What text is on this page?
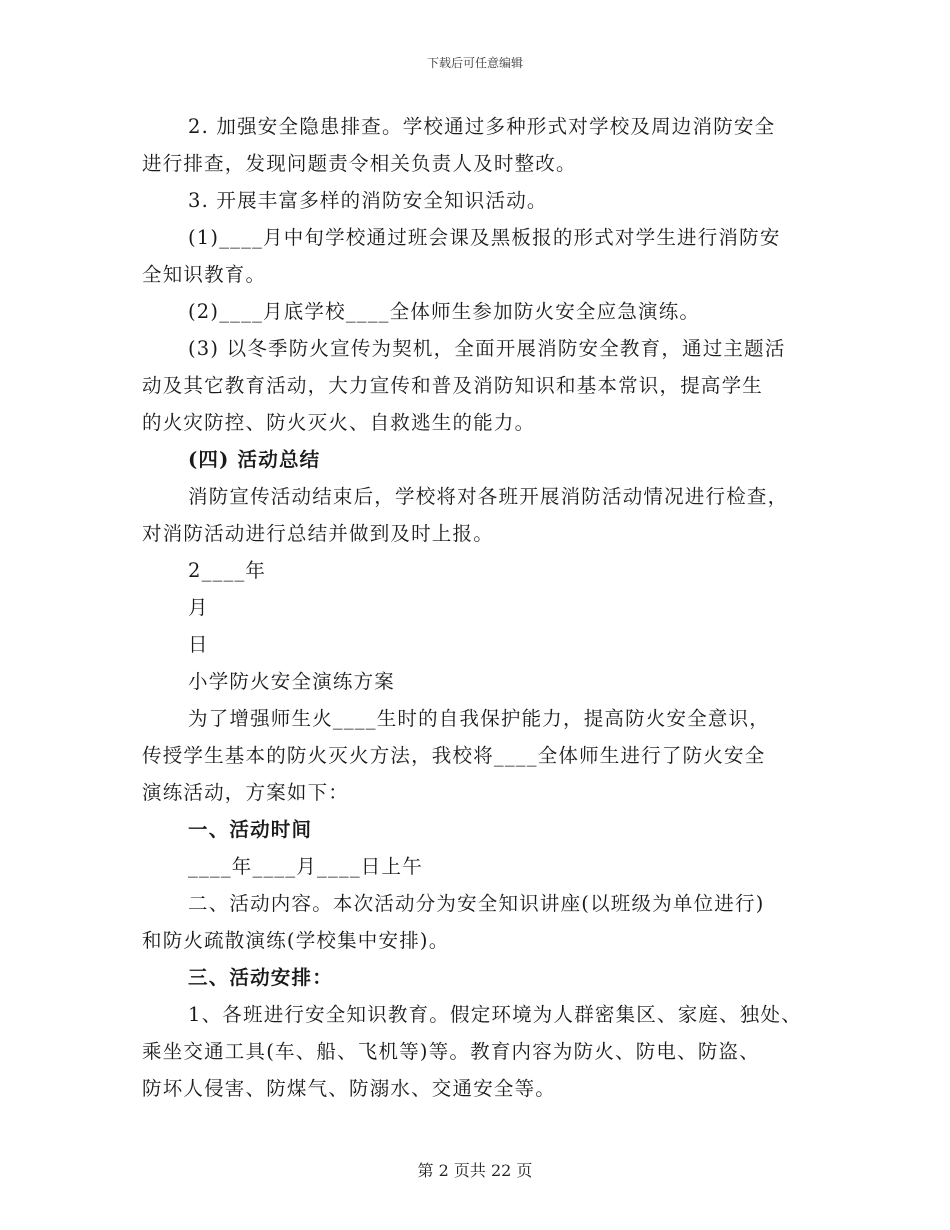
下载后可任意编辑
2. 加强安全隐患排查。学校通过多种形式对学校及周边消防安全
进行排查，发现问题责令相关负责人及时整改。
3. 开展丰富多样的消防安全知识活动。
(1)____月中旬学校通过班会课及黑板报的形式对学生进行消防安
全知识教育。
(2)____月底学校____全体师生参加防火安全应急演练。
(3) 以冬季防火宣传为契机，全面开展消防安全教育，通过主题活
动及其它教育活动，大力宣传和普及消防知识和基本常识，提高学生
的火灾防控、防火灭火、自救逃生的能力。
(四) 活动总结
消防宣传活动结束后，学校将对各班开展消防活动情况进行检查，
对消防活动进行总结并做到及时上报。
2____年
月
日
小学防火安全演练方案
为了增强师生火____生时的自我保护能力，提高防火安全意识，
传授学生基本的防火灭火方法，我校将____全体师生进行了防火安全
演练活动，方案如下：
一、活动时间
____年____月____日上午
二、活动内容。本次活动分为安全知识讲座(以班级为单位进行)
和防火疏散演练(学校集中安排)。
三、活动安排：
1、各班进行安全知识教育。假定环境为人群密集区、家庭、独处、
乘坐交通工具(车、船、飞机等)等。教育内容为防火、防电、防盗、
防坏人侵害、防煤气、防溺水、交通安全等。
第 2 页共 22 页
